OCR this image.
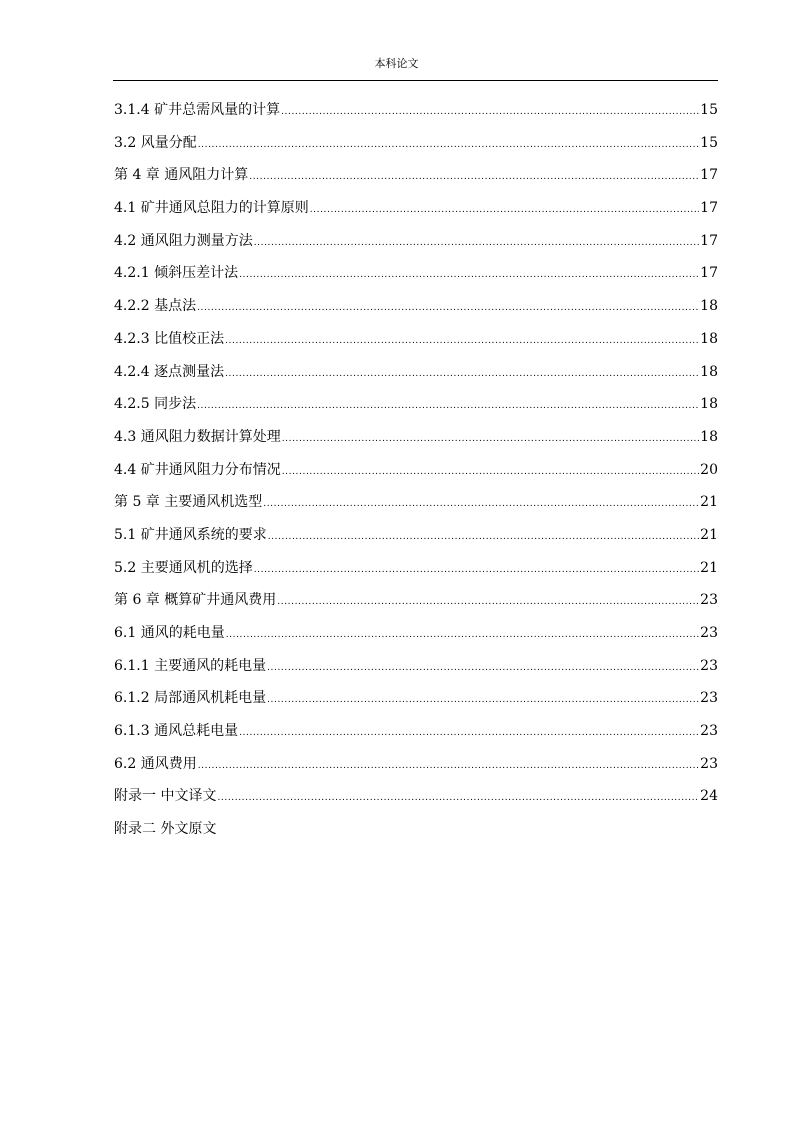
本科论文
3.1.4 矿井总需风量的计算 .....	15
3.2 风量分配 .....	15
第 4 章 通风阻力计算 .....	17
4.1 矿井通风总阻力的计算原则 .....	17
4.2 通风阻力测量方法 .....	17
4.2.1 倾斜压差计法 .....	17
4.2.2 基点法 .....	18
4.2.3 比值校正法 .....	18
4.2.4 逐点测量法 .....	18
4.2.5 同步法 .....	18
4.3 通风阻力数据计算处理 .....	18
4.4 矿井通风阻力分布情况 .....	20
第 5 章 主要通风机选型 .....	21
5.1 矿井通风系统的要求 .....	21
5.2 主要通风机的选择 .....	21
第 6 章 概算矿井通风费用 .....	23
6.1 通风的耗电量 .....	23
6.1.1 主要通风的耗电量 .....	23
6.1.2 局部通风机耗电量 .....	23
6.1.3 通风总耗电量 .....	23
6.2 通风费用 .....	23
附录一 中文译文 .....	24
附录二 外文原文
